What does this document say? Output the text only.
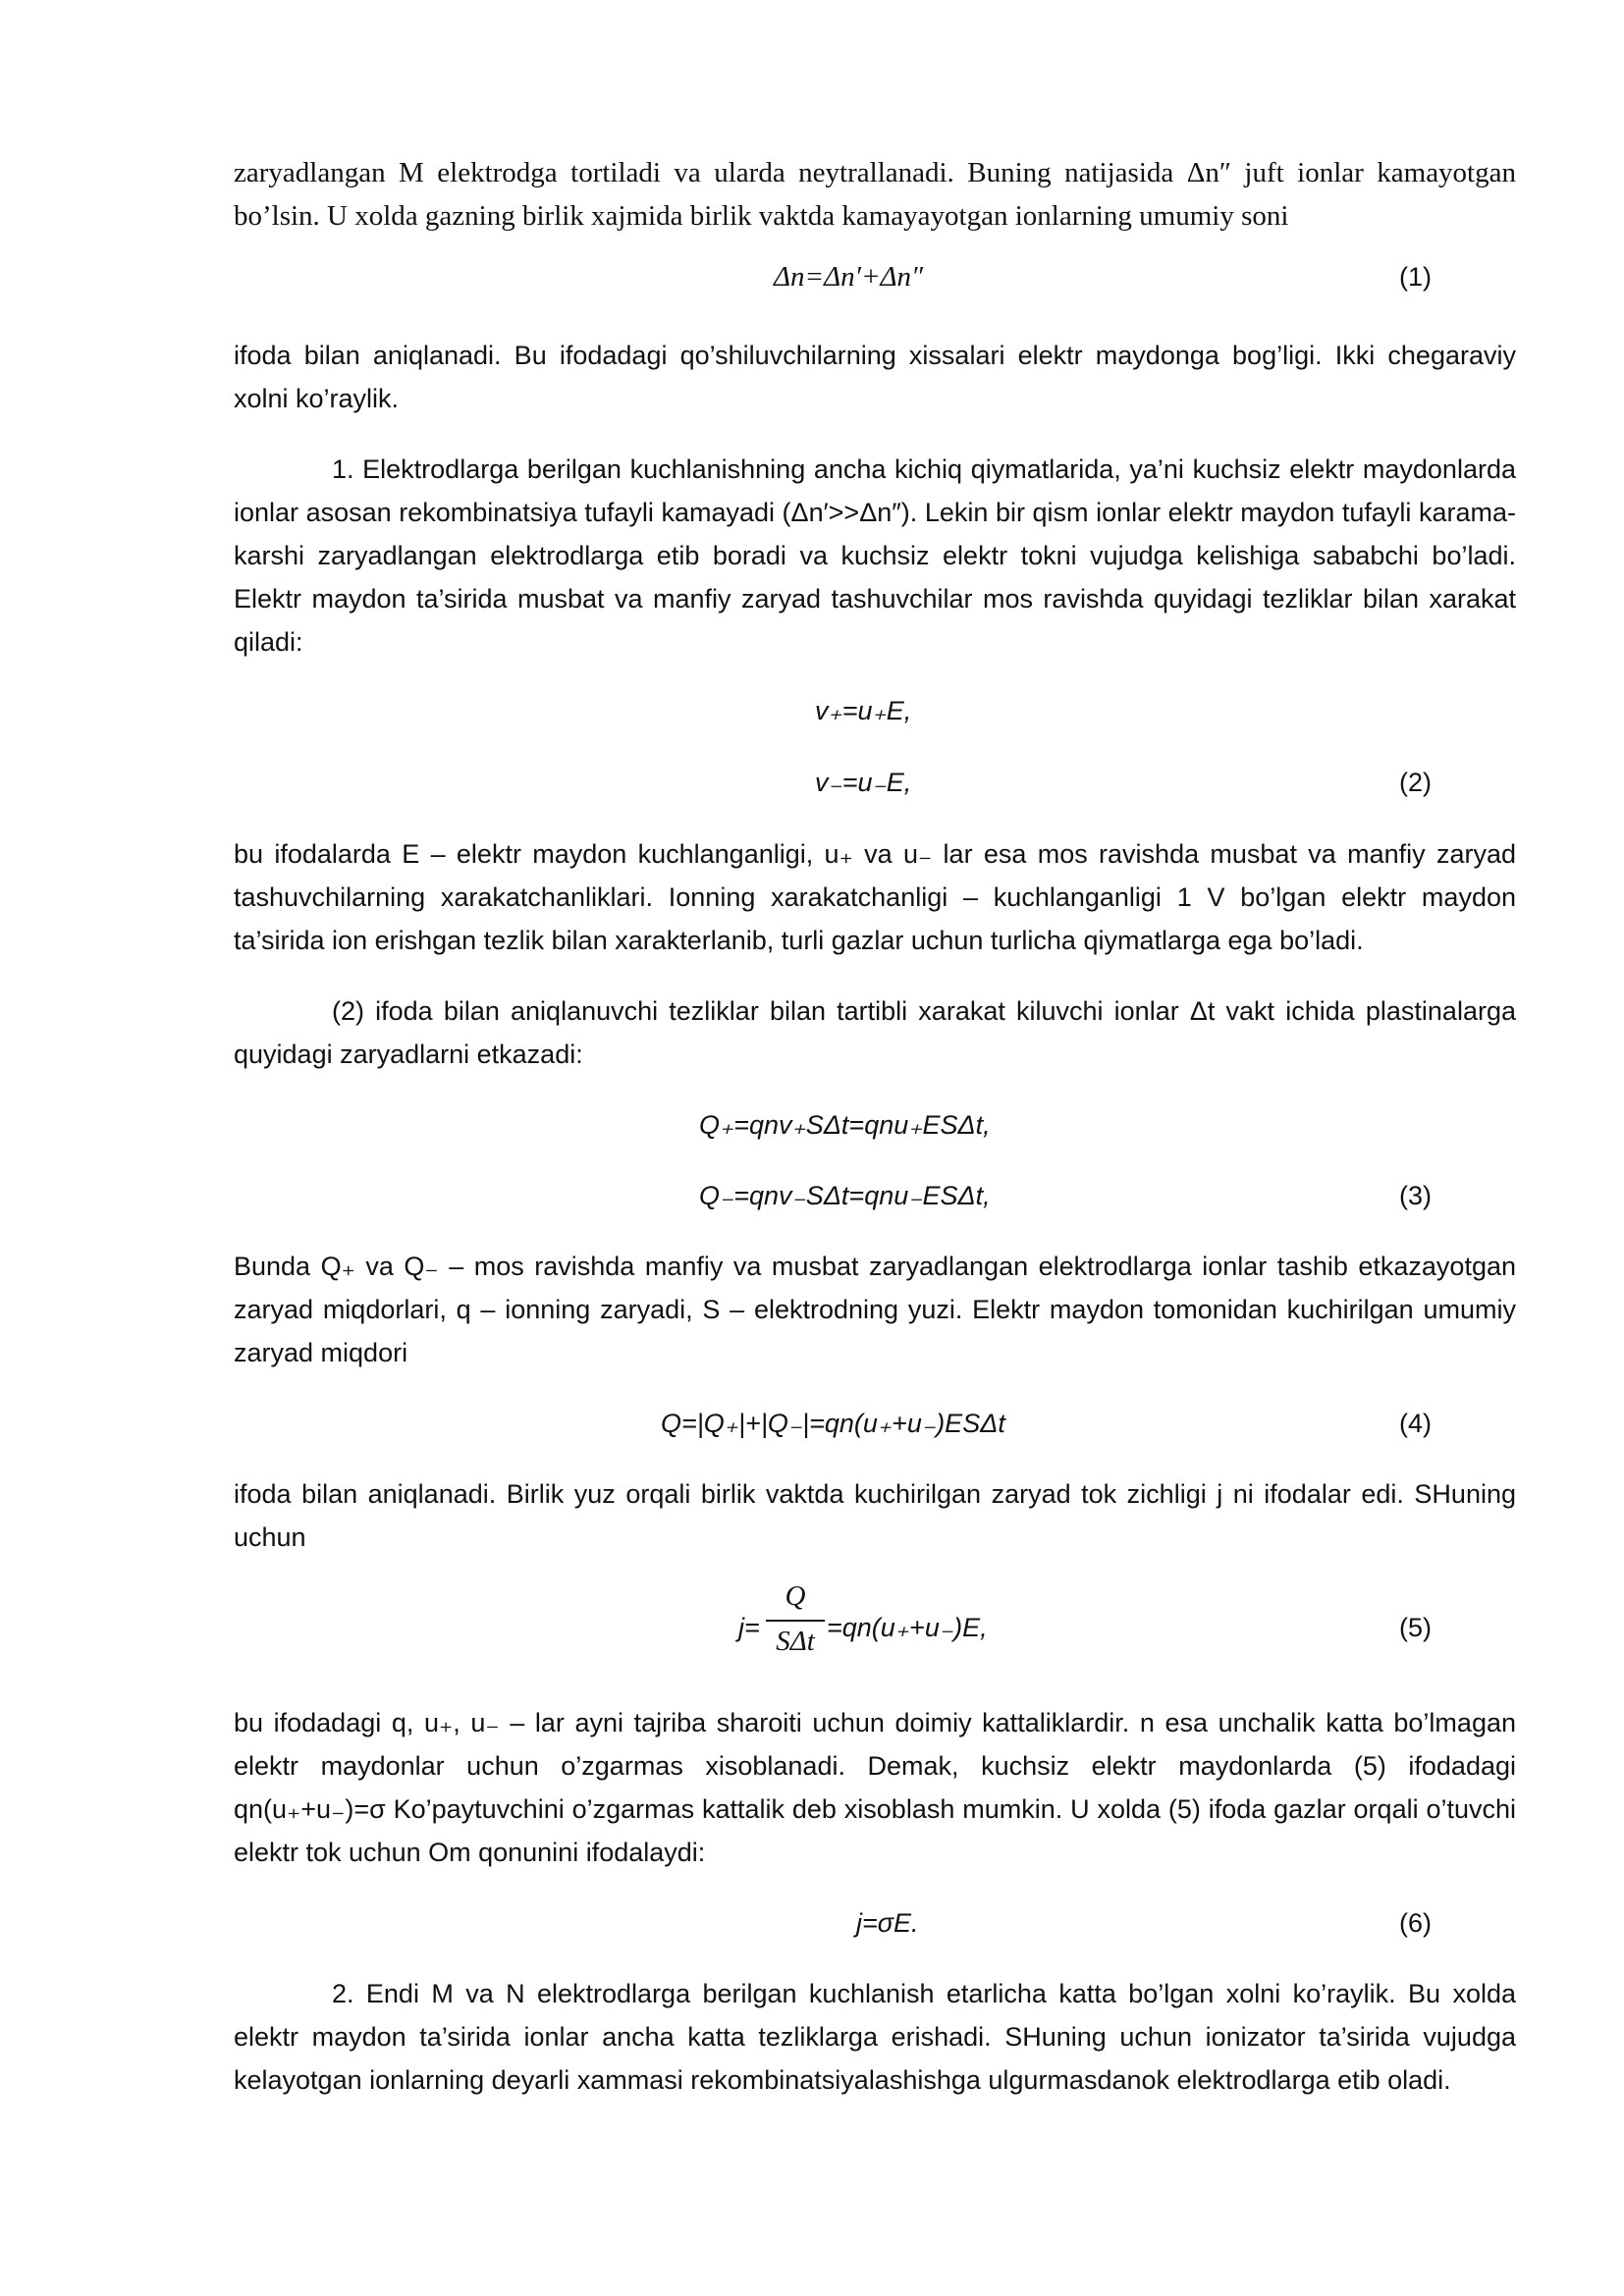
zaryadlangan M elektrodga tortiladi va ularda neytrallanadi. Buning natijasida Δn″ juft ionlar kamayotgan bo’lsin. U xolda gazning birlik xajmida birlik vaktda kamayayotgan ionlarning umumiy soni

Δn=Δn′+Δn″	(1)

ifoda bilan aniqlanadi. Bu ifodadagi qo’shiluvchilarning xissalari elektr maydonga bog’ligi. Ikki chegaraviy xolni ko’raylik.

1. Elektrodlarga berilgan kuchlanishning ancha kichiq qiymatlarida, ya’ni kuchsiz elektr maydonlarda ionlar asosan rekombinatsiya tufayli kamayadi (Δn′>>Δn″). Lekin bir qism ionlar elektr maydon tufayli karama-karshi zaryadlangan elektrodlarga etib boradi va kuchsiz elektr tokni vujudga kelishiga sababchi bo’ladi. Elektr maydon ta’sirida musbat va manfiy zaryad tashuvchilar mos ravishda quyidagi tezliklar bilan xarakat qiladi:

v₊=u₊E,
v₋=u₋E,	(2)

bu ifodalarda E – elektr maydon kuchlanganligi, u₊ va u₋ lar esa mos ravishda musbat va manfiy zaryad tashuvchilarning xarakatchanliklari. Ionning xarakatchanligi – kuchlanganligi 1 V bo’lgan elektr maydon ta’sirida ion erishgan tezlik bilan xarakterlanib, turli gazlar uchun turlicha qiymatlarga ega bo’ladi.

(2) ifoda bilan aniqlanuvchi tezliklar bilan tartibli xarakat kiluvchi ionlar Δt vakt ichida plastinalarga quyidagi zaryadlarni etkazadi:

Q₊=qnv₊SΔt=qnu₊ESΔt,
Q₋=qnv₋SΔt=qnu₋ESΔt,	(3)

Bunda Q₊ va Q₋ – mos ravishda manfiy va musbat zaryadlangan elektrodlarga ionlar tashib etkazayotgan zaryad miqdorlari, q – ionning zaryadi, S – elektrodning yuzi. Elektr maydon tomonidan kuchirilgan umumiy zaryad miqdori

Q=|Q₊|+|Q₋|=qn(u₊+u₋)ESΔt	(4)

ifoda bilan aniqlanadi. Birlik yuz orqali birlik vaktda kuchirilgan zaryad tok zichligi j ni ifodalar edi. SHuning uchun

j=
Q
SΔt =qn(u₊+u₋)E,	(5)

bu ifodadagi q, u₊, u₋ – lar ayni tajriba sharoiti uchun doimiy kattaliklardir. n esa unchalik katta bo’lmagan elektr maydonlar uchun o’zgarmas xisoblanadi. Demak, kuchsiz elektr maydonlarda (5) ifodadagi qn(u₊+u₋)=σ Ko’paytuvchini o’zgarmas kattalik deb xisoblash mumkin. U xolda (5) ifoda gazlar orqali o’tuvchi elektr tok uchun Om qonunini ifodalaydi:

j=σE.	(6)

2. Endi M va N elektrodlarga berilgan kuchlanish etarlicha katta bo’lgan xolni ko’raylik. Bu xolda elektr maydon ta’sirida ionlar ancha katta tezliklarga erishadi. SHuning uchun ionizator ta’sirida vujudga kelayotgan ionlarning deyarli xammasi rekombinatsiyalashishga ulgurmasdanok elektrodlarga etib oladi.
